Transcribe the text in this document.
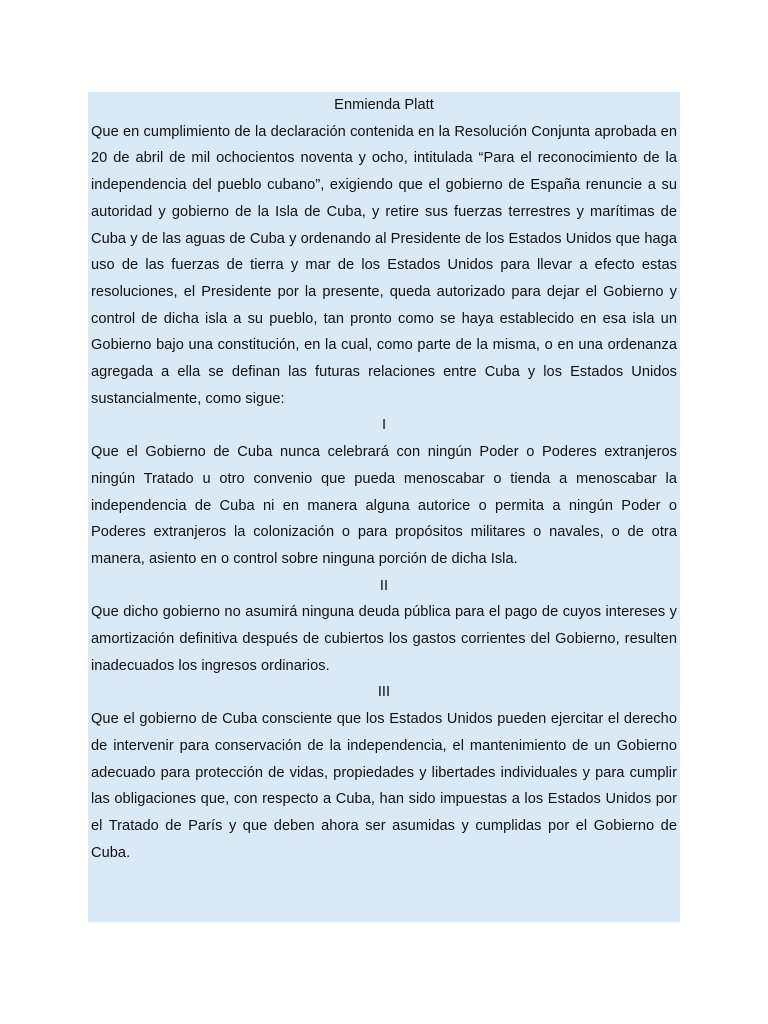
Enmienda Platt

Que en cumplimiento de la declaración contenida en la Resolución Conjunta aprobada en 20 de abril de mil ochocientos noventa y ocho, intitulada “Para el reconocimiento de la independencia del pueblo cubano”, exigiendo que el gobierno de España renuncie a su autoridad y gobierno de la Isla de Cuba, y retire sus fuerzas terrestres y marítimas de Cuba y de las aguas de Cuba y ordenando al Presidente de los Estados Unidos que haga uso de las fuerzas de tierra y mar de los Estados Unidos para llevar a efecto estas resoluciones, el Presidente por la presente, queda autorizado para dejar el Gobierno y control de dicha isla a su pueblo, tan pronto como se haya establecido en esa isla un Gobierno bajo una constitución, en la cual, como parte de la misma, o en una ordenanza agregada a ella se definan las futuras relaciones entre Cuba y los Estados Unidos sustancialmente, como sigue:

I

Que el Gobierno de Cuba nunca celebrará con ningún Poder o Poderes extranjeros ningún Tratado u otro convenio que pueda menoscabar o tienda a menoscabar la independencia de Cuba ni en manera alguna autorice o permita a ningún Poder o Poderes extranjeros la colonización o para propósitos militares o navales, o de otra manera, asiento en o control sobre ninguna porción de dicha Isla.

II

Que dicho gobierno no asumirá ninguna deuda pública para el pago de cuyos intereses y amortización definitiva después de cubiertos los gastos corrientes del Gobierno, resulten inadecuados los ingresos ordinarios.

III

Que el gobierno de Cuba consciente que los Estados Unidos pueden ejercitar el derecho de intervenir para conservación de la independencia, el mantenimiento de un Gobierno adecuado para protección de vidas, propiedades y libertades individuales y para cumplir las obligaciones que, con respecto a Cuba, han sido impuestas a los Estados Unidos por el Tratado de París y que deben ahora ser asumidas y cumplidas por el Gobierno de Cuba.
